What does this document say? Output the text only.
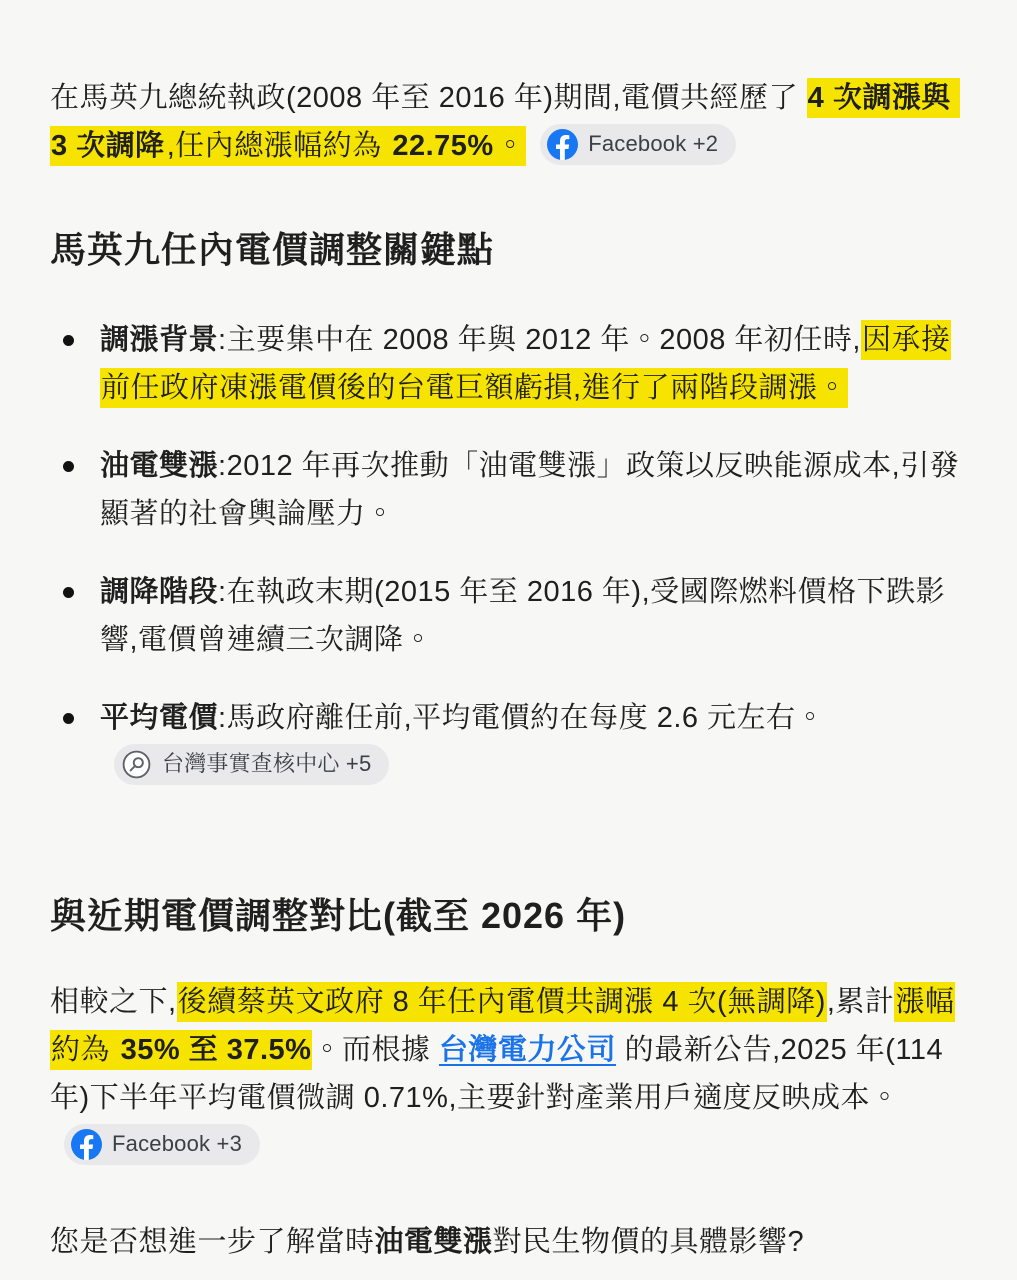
在馬英九總統執政(2008 年至 2016 年)期間,電價共經歷了 4 次調漲與 3 次調降,任內總漲幅約為 22.75%。	Facebook +2

馬英九任內電價調整關鍵點
調漲背景:主要集中在 2008 年與 2012 年。2008 年初任時,因承接前任政府凍漲電價後的台電巨額虧損,進行了兩階段調漲。
油電雙漲:2012 年再次推動「油電雙漲」政策以反映能源成本,引發顯著的社會輿論壓力。
調降階段:在執政末期(2015 年至 2016 年),受國際燃料價格下跌影響,電價曾連續三次調降。
平均電價:馬政府離任前,平均電價約在每度 2.6 元左右。
台灣事實查核中心 +5
與近期電價調整對比(截至 2026 年)

相較之下,後續蔡英文政府 8 年任內電價共調漲 4 次(無調降),累計漲幅約為 35% 至 37.5%。而根據 台灣電力公司 的最新公告,2025 年(114 年)下半年平均電價微調 0.71%,主要針對產業用戶適度反映成本。
Facebook +3

您是否想進一步了解當時油電雙漲對民生物價的具體影響?
